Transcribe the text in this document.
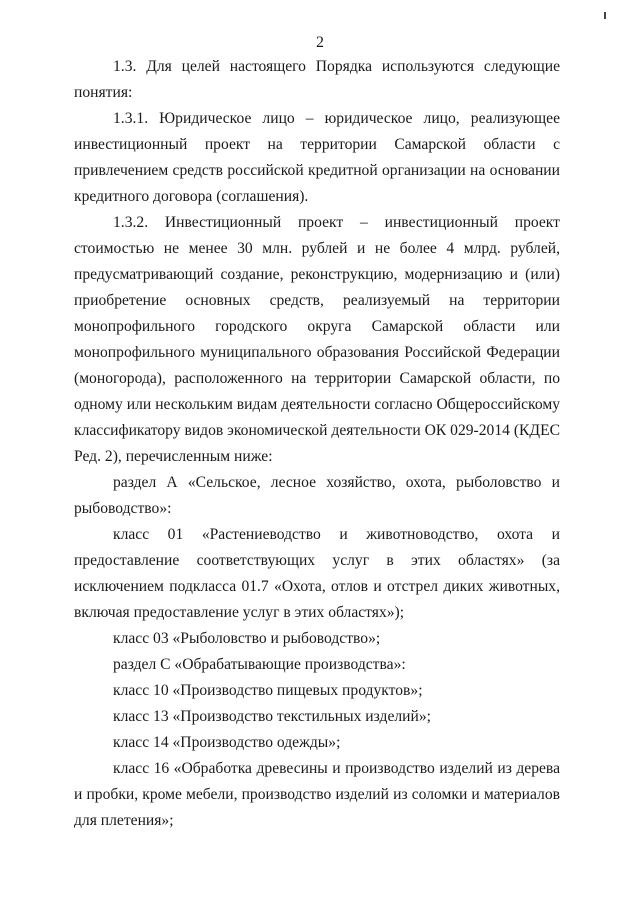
2

1.3. Для целей настоящего Порядка используются следующие понятия:

1.3.1. Юридическое лицо – юридическое лицо, реализующее инвестиционный проект на территории Самарской области с привлечением средств российской кредитной организации на основании кредитного договора (соглашения).

1.3.2. Инвестиционный проект – инвестиционный проект стоимостью не менее 30 млн. рублей и не более 4 млрд. рублей, предусматривающий создание, реконструкцию, модернизацию и (или) приобретение основных средств, реализуемый на территории монопрофильного городского округа Самарской области или монопрофильного муниципального образования Российской Федерации (моногорода), расположенного на территории Самарской области, по одному или нескольким видам деятельности согласно Общероссийскому классификатору видов экономической деятельности ОК 029-2014 (КДЕС Ред. 2), перечисленным ниже:

раздел А «Сельское, лесное хозяйство, охота, рыболовство и рыбоводство»:

класс 01 «Растениеводство и животноводство, охота и предоставление соответствующих услуг в этих областях» (за исключением подкласса 01.7 «Охота, отлов и отстрел диких животных, включая предоставление услуг в этих областях»);

класс 03 «Рыболовство и рыбоводство»;

раздел С «Обрабатывающие производства»:

класс 10 «Производство пищевых продуктов»;

класс 13 «Производство текстильных изделий»;

класс 14 «Производство одежды»;

класс 16 «Обработка древесины и производство изделий из дерева и пробки, кроме мебели, производство изделий из соломки и материалов для плетения»;
